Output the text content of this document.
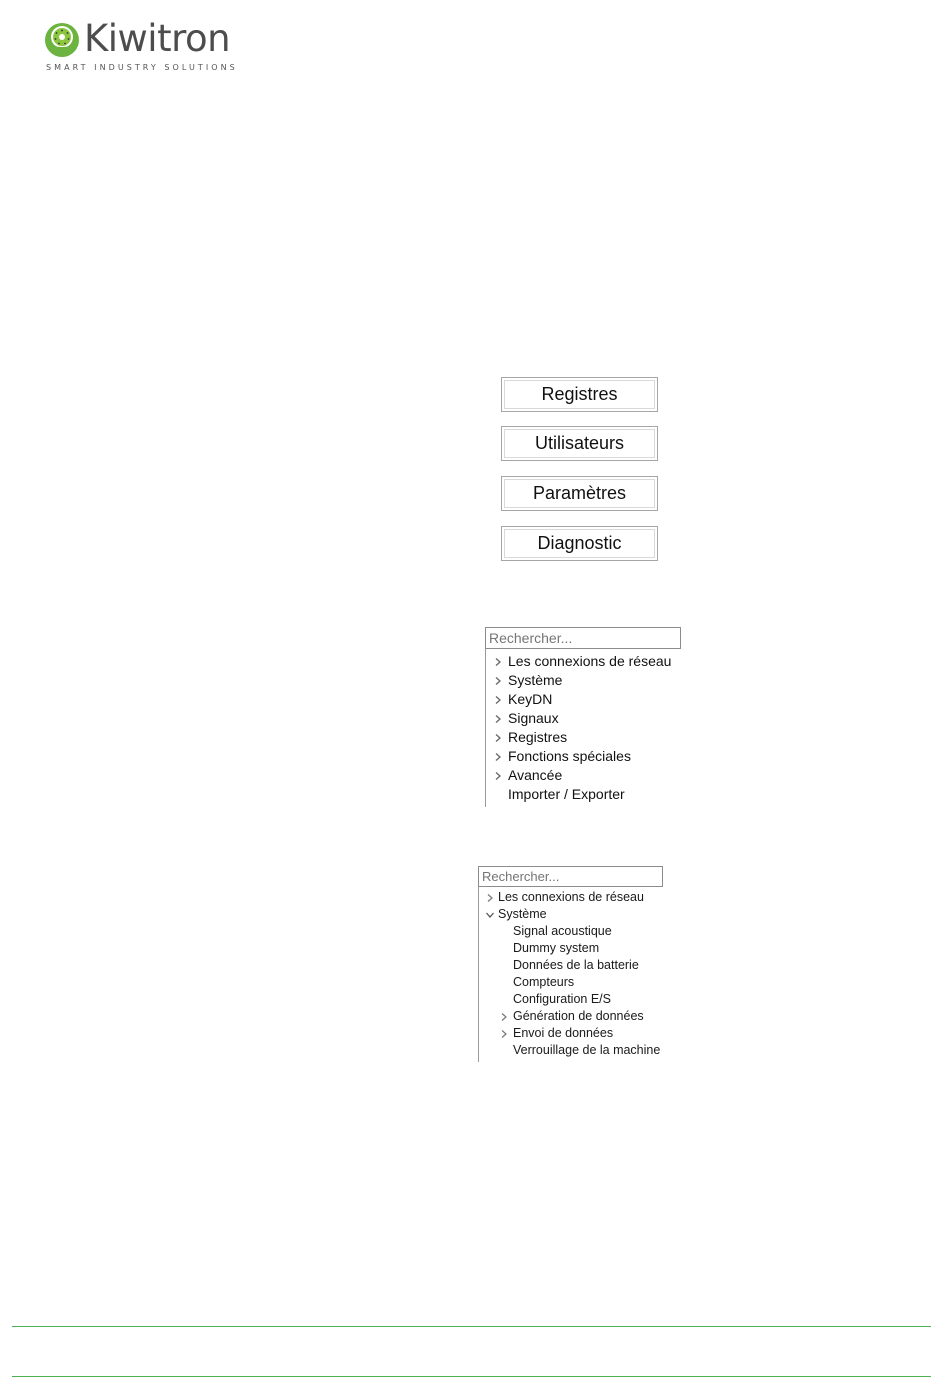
Kiwitron
SMART INDUSTRY SOLUTIONS
Registres
Utilisateurs
Paramètres
Diagnostic
Rechercher...
Les connexions de réseau
Système
KeyDN
Signaux
Registres
Fonctions spéciales
Avancée
Importer / Exporter
Rechercher...
Les connexions de réseau
Système
Signal acoustique
Dummy system
Données de la batterie
Compteurs
Configuration E/S
Génération de données
Envoi de données
Verrouillage de la machine
